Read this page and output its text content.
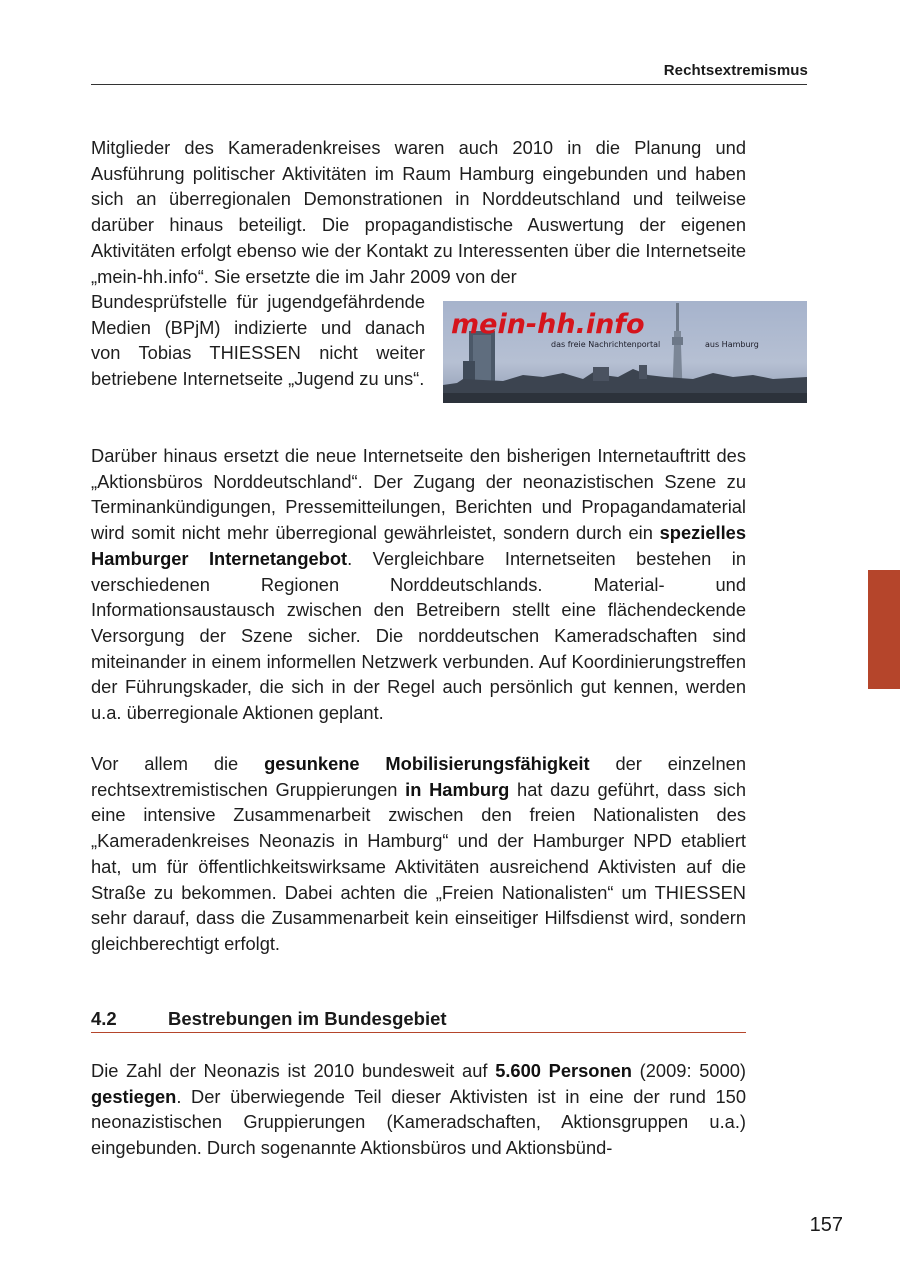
Rechtsextremismus

Mitglieder des Kameradenkreises waren auch 2010 in die Planung und Ausführung politischer Aktivitäten im Raum Hamburg eingebunden und haben sich an überregionalen Demonstrationen in Norddeutschland und teilweise darüber hinaus beteiligt. Die propagandistische Auswertung der eigenen Aktivitäten erfolgt ebenso wie der Kontakt zu Interessenten über die Internetseite „mein-hh.info“. Sie ersetzte die im Jahr 2009 von der

Bundesprüfstelle für jugendgefährdende Medien (BPjM) indizierte und danach von Tobias THIESSEN nicht weiter betriebene Internetseite „Jugend zu uns“.

mein-hh.info
das freie Nachrichtenportal	aus Hamburg

Darüber hinaus ersetzt die neue Internetseite den bisherigen Internetauftritt des „Aktionsbüros Norddeutschland“. Der Zugang der neonazistischen Szene zu Terminankündigungen, Pressemitteilungen, Berichten und Propagandamaterial wird somit nicht mehr überregional gewährleistet, sondern durch ein spezielles Hamburger Internetangebot. Vergleichbare Internetseiten bestehen in verschiedenen Regionen Norddeutschlands. Material- und Informationsaustausch zwischen den Betreibern stellt eine flächendeckende Versorgung der Szene sicher. Die norddeutschen Kameradschaften sind miteinander in einem informellen Netzwerk verbunden. Auf Koordinierungstreffen der Führungskader, die sich in der Regel auch persönlich gut kennen, werden u.a. überregionale Aktionen geplant.

Vor allem die gesunkene Mobilisierungsfähigkeit der einzelnen rechtsextremistischen Gruppierungen in Hamburg hat dazu geführt, dass sich eine intensive Zusammenarbeit zwischen den freien Nationalisten des „Kameradenkreises Neonazis in Hamburg“ und der Hamburger NPD etabliert hat, um für öffentlichkeitswirksame Aktivitäten ausreichend Aktivisten auf die Straße zu bekommen. Dabei achten die „Freien Nationalisten“ um THIESSEN sehr darauf, dass die Zusammenarbeit kein einseitiger Hilfsdienst wird, sondern gleichberechtigt erfolgt.

4.2	Bestrebungen im Bundesgebiet

Die Zahl der Neonazis ist 2010 bundesweit auf 5.600 Personen (2009: 5000) gestiegen. Der überwiegende Teil dieser Aktivisten ist in eine der rund 150 neonazistischen Gruppierungen (Kameradschaften, Aktionsgruppen u.a.) eingebunden. Durch sogenannte Aktionsbüros und Aktionsbünd-

157
